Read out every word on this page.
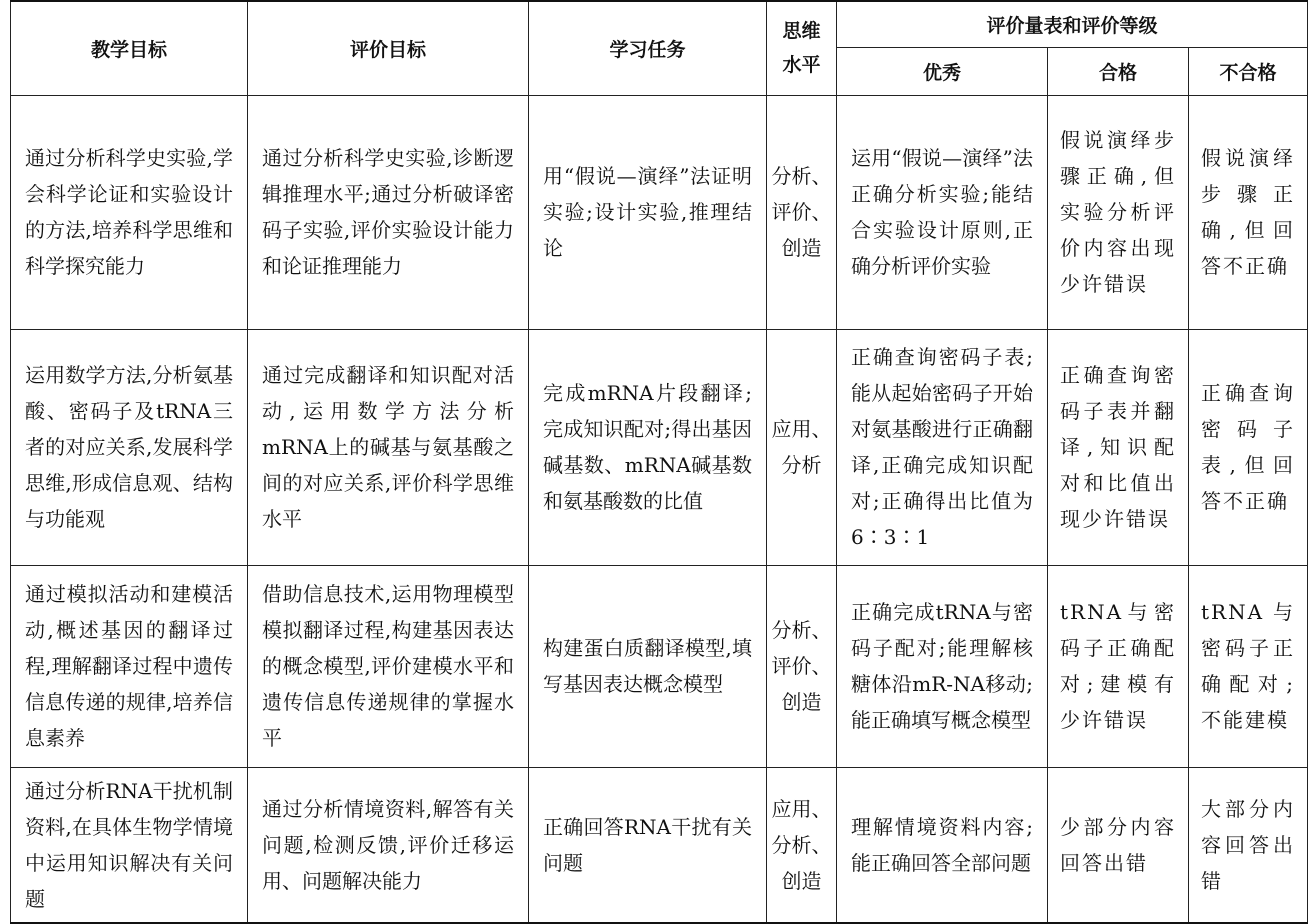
教学目标	评价目标	学习任务	思维
水平	评价量表和评价等级		
				优秀	合格	不合格
通过分析科学史实验,学会科学论证和实验设计的方法,培养科学思维和科学探究能力	通过分析科学史实验,诊断逻辑推理水平;通过分析破译密码子实验,评价实验设计能力和论证推理能力	用“假说—演绎”法证明实验;设计实验,推理结论	分析、评价、创造	运用“假说—演绎”法正确分析实验;能结合实验设计原则,正确分析评价实验	假说演绎步骤正确,但实验分析评价内容出现少许错误	假说演绎步骤正确,但回答不正确
运用数学方法,分析氨基酸、密码子及tRNA三者的对应关系,发展科学思维,形成信息观、结构与功能观	通过完成翻译和知识配对活动,运用数学方法分析mRNA上的碱基与氨基酸之间的对应关系,评价科学思维水平	完成mRNA片段翻译;完成知识配对;得出基因碱基数、mRNA碱基数和氨基酸数的比值	应用、分析	正确查询密码子表;能从起始密码子开始对氨基酸进行正确翻译,正确完成知识配对;正确得出比值为6∶3∶1	正确查询密码子表并翻译,知识配对和比值出现少许错误	正确查询密码子表,但回答不正确
通过模拟活动和建模活动,概述基因的翻译过程,理解翻译过程中遗传信息传递的规律,培养信息素养	借助信息技术,运用物理模型模拟翻译过程,构建基因表达的概念模型,评价建模水平和遗传信息传递规律的掌握水平	构建蛋白质翻译模型,填写基因表达概念模型	分析、评价、创造	正确完成tRNA与密码子配对;能理解核糖体沿mR-NA移动;能正确填写概念模型	tRNA与密码子正确配对;建模有少许错误	tRNA与密码子正确配对;不能建模
通过分析RNA干扰机制资料,在具体生物学情境中运用知识解决有关问题	通过分析情境资料,解答有关问题,检测反馈,评价迁移运用、问题解决能力	正确回答RNA干扰有关问题	应用、分析、创造	理解情境资料内容;能正确回答全部问题	少部分内容回答出错	大部分内容回答出错
